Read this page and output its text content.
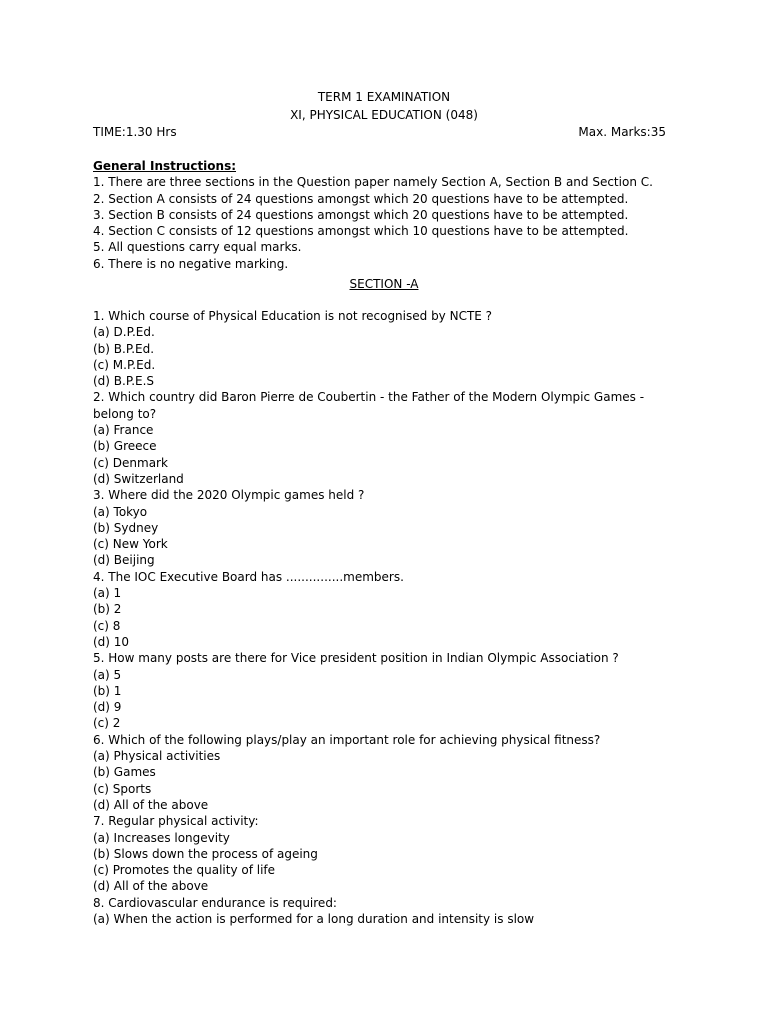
TERM 1 EXAMINATION
XI, PHYSICAL EDUCATION (048)
TIME:1.30 Hrs	Max. Marks:35
General Instructions:
1. There are three sections in the Question paper namely Section A, Section B and Section C.
2. Section A consists of 24 questions amongst which 20 questions have to be attempted.
3. Section B consists of 24 questions amongst which 20 questions have to be attempted.
4. Section C consists of 12 questions amongst which 10 questions have to be attempted.
5. All questions carry equal marks.
6. There is no negative marking.
SECTION -A
1. Which course of Physical Education is not recognised by NCTE ?
(a) D.P.Ed.
(b) B.P.Ed.
(c) M.P.Ed.
(d) B.P.E.S
2. Which country did Baron Pierre de Coubertin - the Father of the Modern Olympic Games - belong to?
(a) France
(b) Greece
(c) Denmark
(d) Switzerland
3. Where did the 2020 Olympic games held ?
(a) Tokyo
(b) Sydney
(c) New York
(d) Beijing
4. The IOC Executive Board has ...............members.
(a) 1
(b) 2
(c) 8
(d) 10
5. How many posts are there for Vice president position in Indian Olympic Association ?
(a) 5
(b) 1
(d) 9
(c) 2
6. Which of the following plays/play an important role for achieving physical fitness?
(a) Physical activities
(b) Games
(c) Sports
(d) All of the above
7. Regular physical activity:
(a) Increases longevity
(b) Slows down the process of ageing
(c) Promotes the quality of life
(d) All of the above
8. Cardiovascular endurance is required:
(a) When the action is performed for a long duration and intensity is slow
